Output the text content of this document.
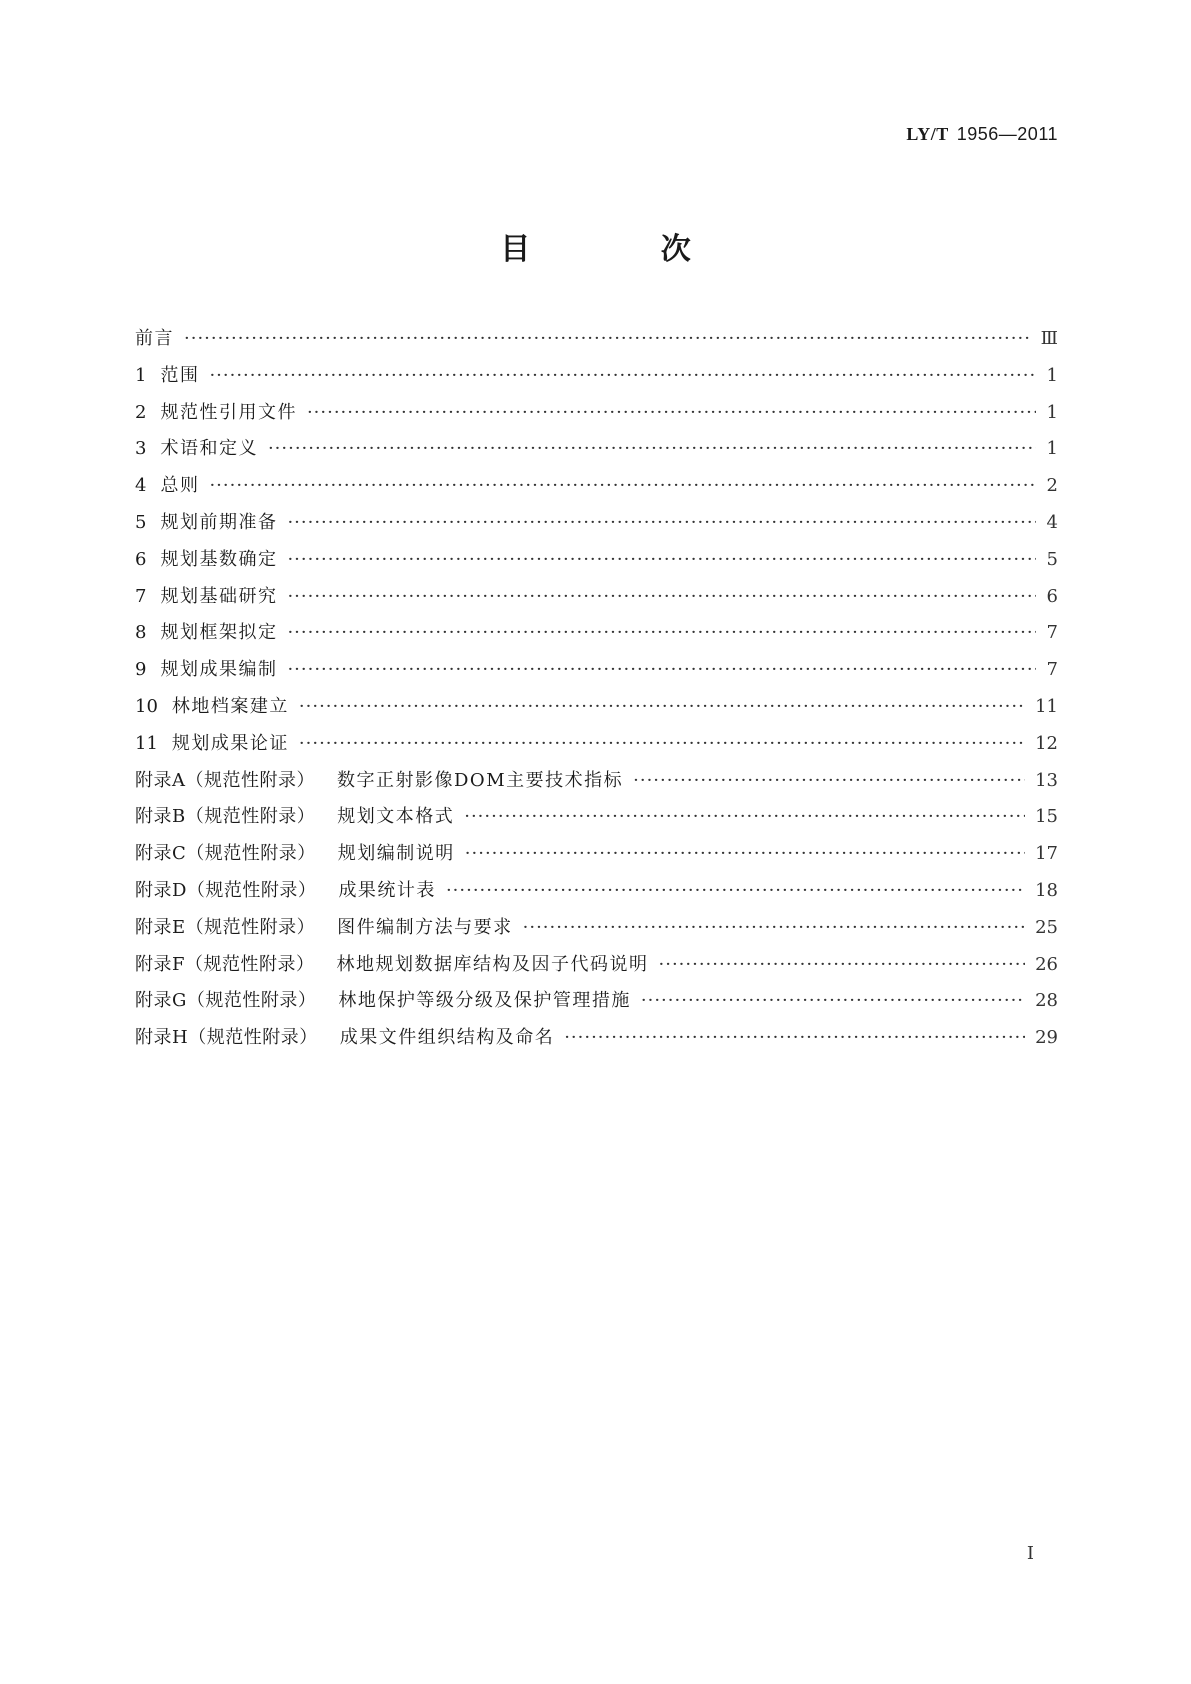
LY/T 1956—2011
目 次
前言 ·····	Ⅲ
1 范围 ·····	1
2 规范性引用文件 ·····	1
3 术语和定义 ·····	1
4 总则 ·····	2
5 规划前期准备 ·····	4
6 规划基数确定 ·····	5
7 规划基础研究 ·····	6
8 规划框架拟定 ·····	7
9 规划成果编制 ·····	7
10 林地档案建立 ·····	11
11 规划成果论证 ·····	12
附录A（规范性附录） 数字正射影像DOM主要技术指标 ·····	13
附录B（规范性附录） 规划文本格式 ·····	15
附录C（规范性附录） 规划编制说明 ·····	17
附录D（规范性附录） 成果统计表 ·····	18
附录E（规范性附录） 图件编制方法与要求 ·····	25
附录F（规范性附录） 林地规划数据库结构及因子代码说明 ·····	26
附录G（规范性附录） 林地保护等级分级及保护管理措施 ·····	28
附录H（规范性附录） 成果文件组织结构及命名 ·····	29
I
